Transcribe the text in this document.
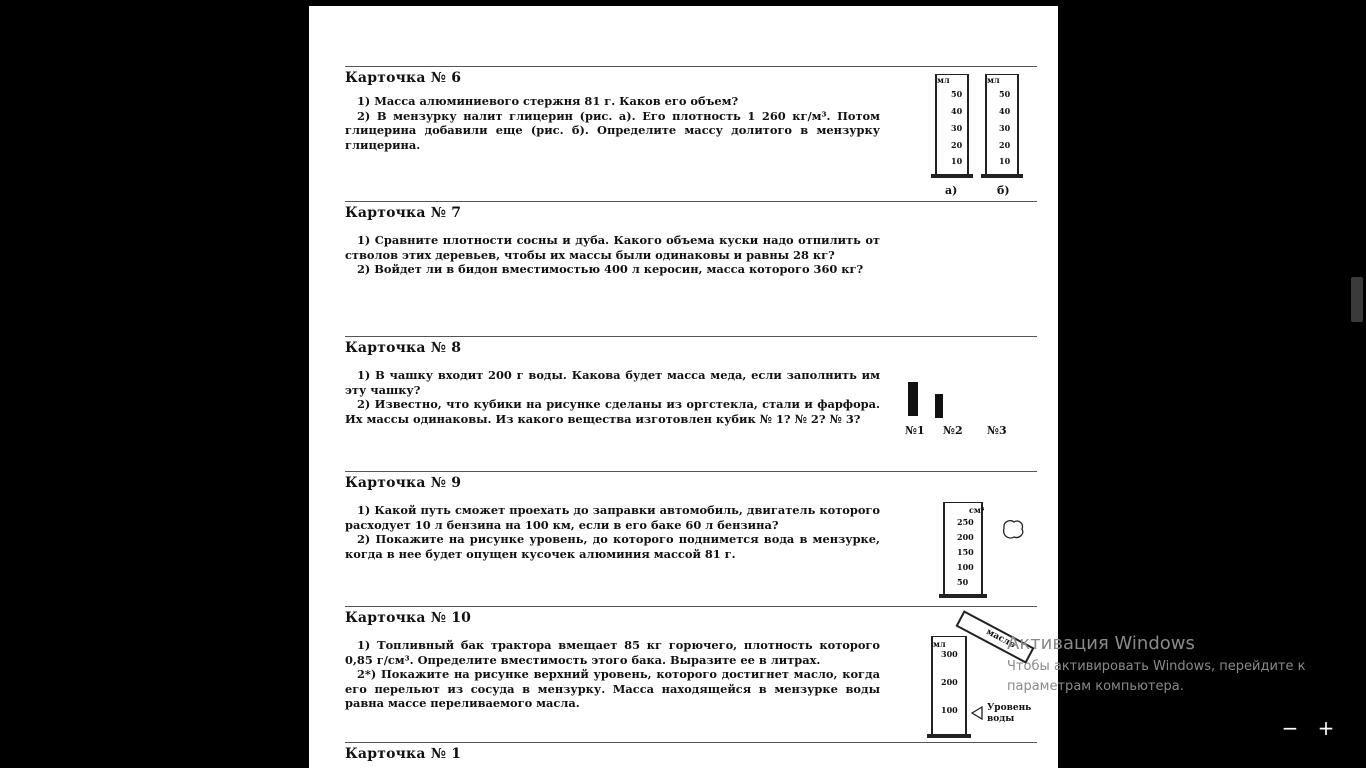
Карточка № 6

1) Масса алюминиевого стержня 81 г. Каков его объем?

2) В мензурку налит глицерин (рис. а). Его плотность 1 260 кг/м³. Потом глицерина добавили еще (рис. б). Определите массу долитого в мензурку глицерина.

мл
50
40
30
20
10
а)
мл
50
40
30
20
10
б)
Карточка № 7

1) Сравните плотности сосны и дуба. Какого объема куски надо отпилить от стволов этих деревьев, чтобы их массы были одинаковы и равны 28 кг?

2) Войдет ли в бидон вместимостью 400 л керосин, масса которого 360 кг?

Карточка № 8

1) В чашку входит 200 г воды. Какова будет масса меда, если заполнить им эту чашку?

2) Известно, что кубики на рисунке сделаны из оргстекла, стали и фарфора. Их массы одинаковы. Из какого вещества изготовлен кубик № 1? № 2? № 3?

№1 №2 №3
Карточка № 9

1) Какой путь сможет проехать до заправки автомобиль, двигатель которого расходует 10 л бензина на 100 км, если в его баке 60 л бензина?

2) Покажите на рисунке уровень, до которого поднимется вода в мензурке, когда в нее будет опущен кусочек алюминия массой 81 г.

см³
250
200
150
100
50
Карточка № 10

1) Топливный бак трактора вмещает 85 кг горючего, плотность которого 0,85 г/см³. Определите вместимость этого бака. Выразите ее в литрах.

2*) Покажите на рисунке верхний уровень, которого достигнет масло, когда его перельют из сосуда в мензурку. Масса находящейся в мензурке воды равна массе переливаемого масла.

мл
300
200
100
масло
Уровень воды
Карточка № 1
Активация Windows
Чтобы активировать Windows, перейдите к параметрам компьютера.
− +
